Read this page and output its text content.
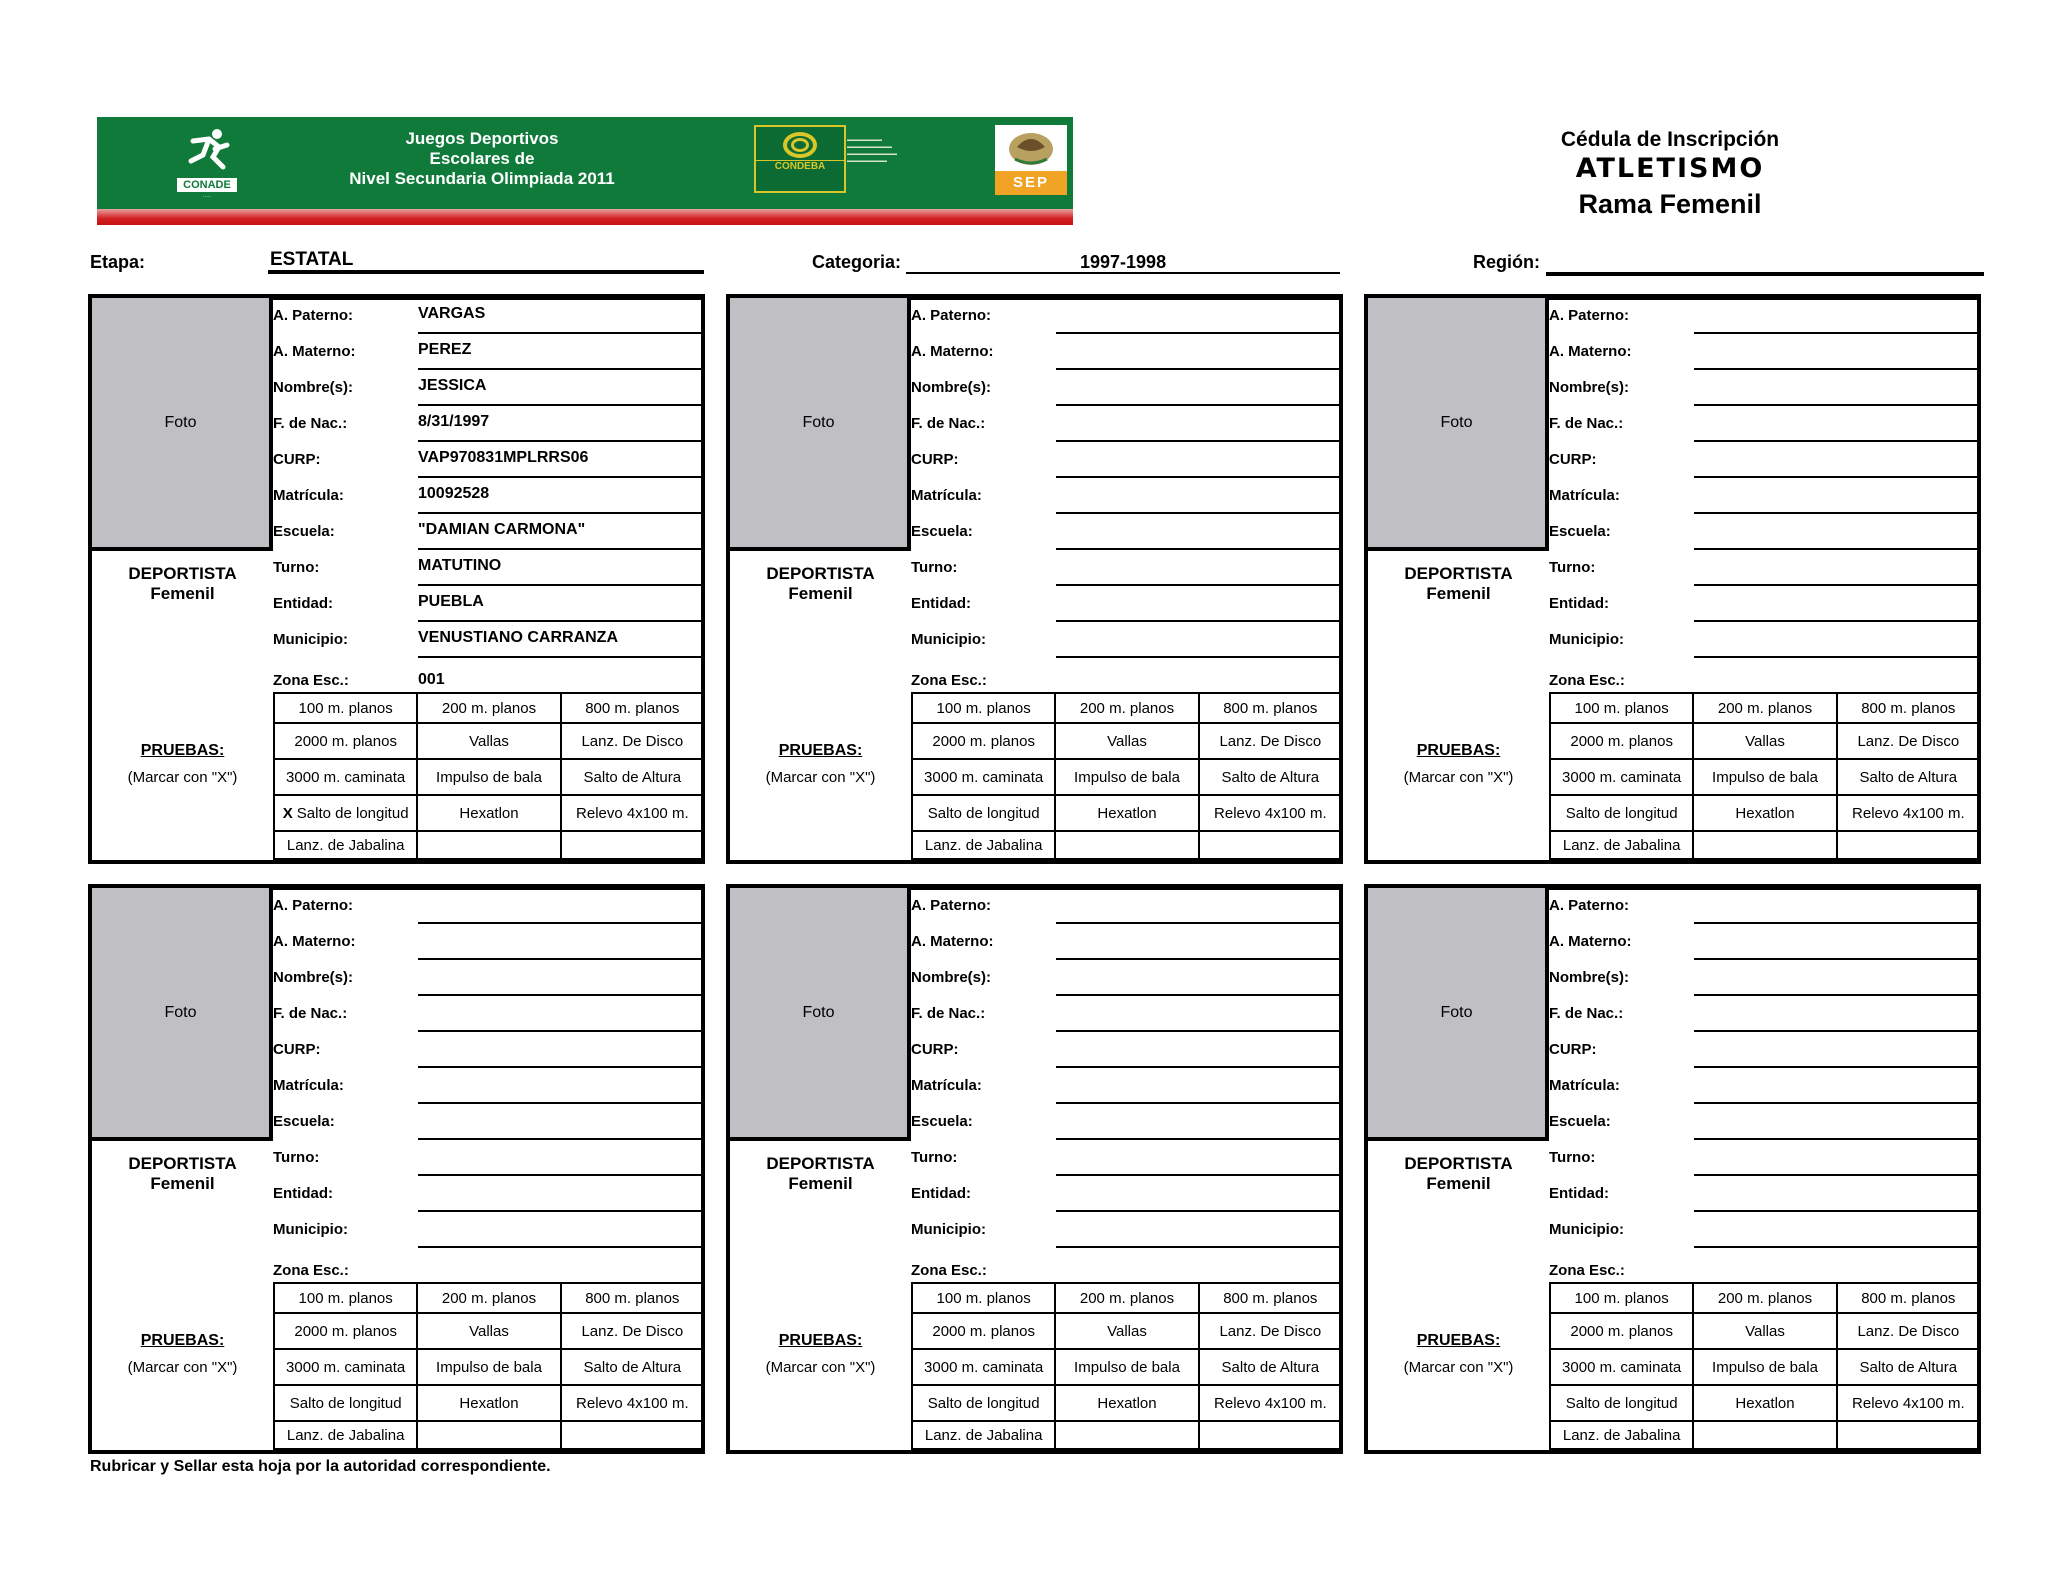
CONADE
·····
Juegos Deportivos
Escolares de
Nivel Secundaria Olimpiada 2011
CONDEBA
▬▬▬▬▬▬▬
▬▬▬▬▬▬▬▬▬
▬▬▬▬▬▬▬▬▬▬
▬▬▬▬▬▬▬▬
SEP
Cédula de Inscripción
ATLETISMO
Rama Femenil
Etapa:	ESTATAL	Categoria:	1997-1998	Región:
Foto
DEPORTISTA
Femenil
PRUEBAS:
(Marcar con "X")
A. Paterno:	VARGAS
A. Materno:	PEREZ
Nombre(s):	JESSICA
F. de Nac.:	8/31/1997
CURP:	VAP970831MPLRRS06
Matrícula:	10092528
Escuela:	"DAMIAN CARMONA"
Turno:	MATUTINO
Entidad:	PUEBLA
Municipio:	VENUSTIANO CARRANZA
Zona Esc.:	001
100 m. planos	200 m. planos	800 m. planos
2000 m. planos	Vallas	Lanz. De Disco
3000 m. caminata	Impulso de bala	Salto de Altura
X Salto de longitud	Hexatlon	Relevo 4x100 m.
Lanz. de Jabalina		
Foto
DEPORTISTA
Femenil
PRUEBAS:
(Marcar con "X")
A. Paterno:
A. Materno:
Nombre(s):
F. de Nac.:
CURP:
Matrícula:
Escuela:
Turno:
Entidad:
Municipio:
Zona Esc.:
100 m. planos	200 m. planos	800 m. planos
2000 m. planos	Vallas	Lanz. De Disco
3000 m. caminata	Impulso de bala	Salto de Altura
Salto de longitud	Hexatlon	Relevo 4x100 m.
Lanz. de Jabalina		
Foto
DEPORTISTA
Femenil
PRUEBAS:
(Marcar con "X")
A. Paterno:
A. Materno:
Nombre(s):
F. de Nac.:
CURP:
Matrícula:
Escuela:
Turno:
Entidad:
Municipio:
Zona Esc.:
100 m. planos	200 m. planos	800 m. planos
2000 m. planos	Vallas	Lanz. De Disco
3000 m. caminata	Impulso de bala	Salto de Altura
Salto de longitud	Hexatlon	Relevo 4x100 m.
Lanz. de Jabalina		
Foto
DEPORTISTA
Femenil
PRUEBAS:
(Marcar con "X")
A. Paterno:
A. Materno:
Nombre(s):
F. de Nac.:
CURP:
Matrícula:
Escuela:
Turno:
Entidad:
Municipio:
Zona Esc.:
100 m. planos	200 m. planos	800 m. planos
2000 m. planos	Vallas	Lanz. De Disco
3000 m. caminata	Impulso de bala	Salto de Altura
Salto de longitud	Hexatlon	Relevo 4x100 m.
Lanz. de Jabalina		
Foto
DEPORTISTA
Femenil
PRUEBAS:
(Marcar con "X")
A. Paterno:
A. Materno:
Nombre(s):
F. de Nac.:
CURP:
Matrícula:
Escuela:
Turno:
Entidad:
Municipio:
Zona Esc.:
100 m. planos	200 m. planos	800 m. planos
2000 m. planos	Vallas	Lanz. De Disco
3000 m. caminata	Impulso de bala	Salto de Altura
Salto de longitud	Hexatlon	Relevo 4x100 m.
Lanz. de Jabalina		
Foto
DEPORTISTA
Femenil
PRUEBAS:
(Marcar con "X")
A. Paterno:
A. Materno:
Nombre(s):
F. de Nac.:
CURP:
Matrícula:
Escuela:
Turno:
Entidad:
Municipio:
Zona Esc.:
100 m. planos	200 m. planos	800 m. planos
2000 m. planos	Vallas	Lanz. De Disco
3000 m. caminata	Impulso de bala	Salto de Altura
Salto de longitud	Hexatlon	Relevo 4x100 m.
Lanz. de Jabalina		
Rubricar y Sellar esta hoja por la autoridad correspondiente.
